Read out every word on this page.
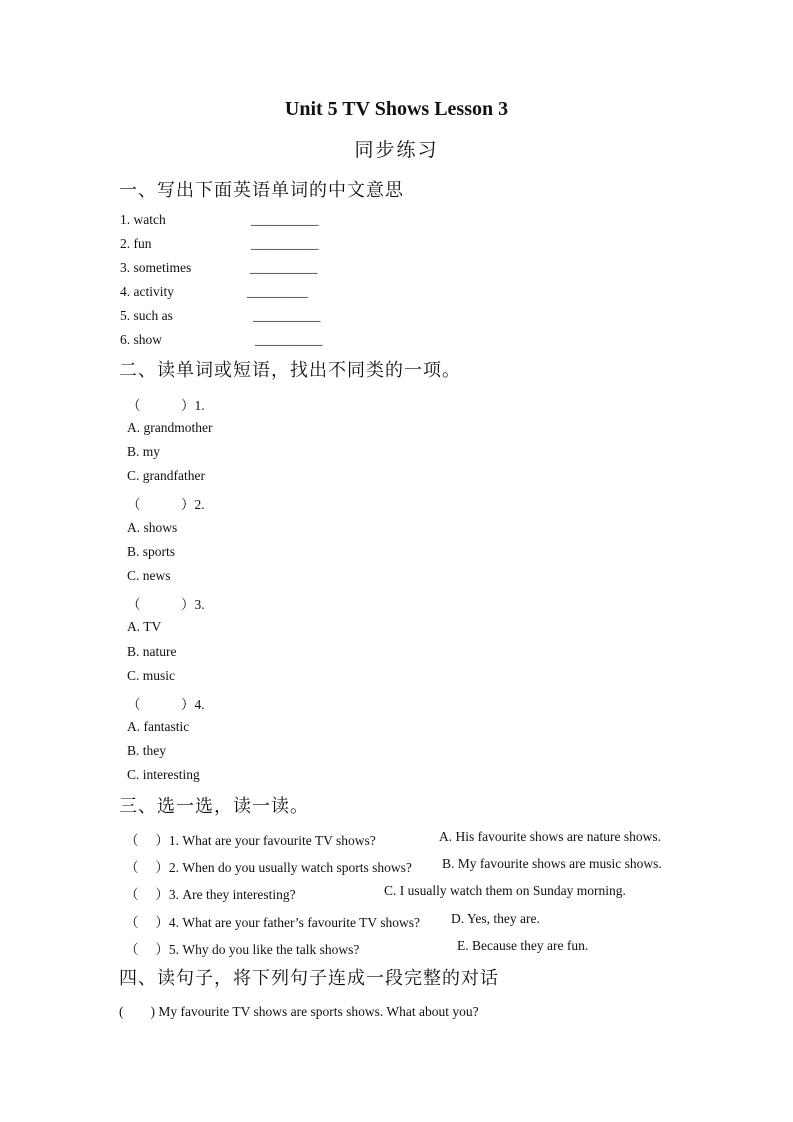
Unit 5 TV Shows Lesson 3
同步练习
一、写出下面英语单词的中文意思
1. watch	__________
2. fun	__________
3. sometimes	__________
4. activity	_________
5. such as	__________
6. show	__________
二、读单词或短语，找出不同类的一项。
（　　　）1.
A. grandmother
B. my
C. grandfather
（　　　）2.
A. shows
B. sports
C. news
（　　　）3.
A. TV
B. nature
C. music
（　　　）4.
A. fantastic
B. they
C. interesting
三、选一选，读一读。
（　 ）1. What are your favourite TV shows?	A. His favourite shows are nature shows.
（　 ）2. When do you usually watch sports shows? B. My favourite shows are music shows.
（　 ）3. Are they interesting?	C. I usually watch them on Sunday morning.
（　 ）4. What are your father’s favourite TV shows? D. Yes, they are.
（　 ）5. Why do you like the talk shows?	E. Because they are fun.
四、读句子，将下列句子连成一段完整的对话
(　　) My favourite TV shows are sports shows. What about you?
